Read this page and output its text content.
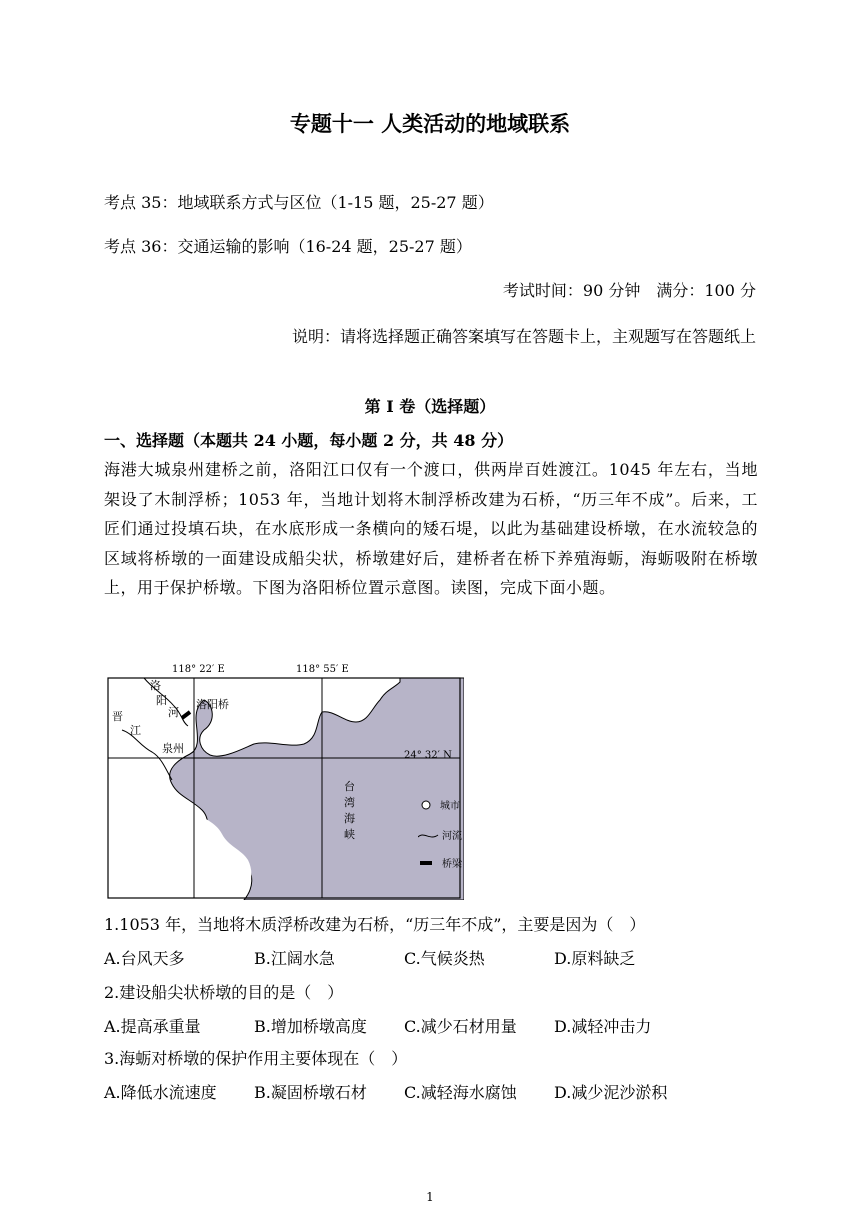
专题十一 人类活动的地域联系
考点 35：地域联系方式与区位（1-15 题，25-27 题）
考点 36：交通运输的影响（16-24 题，25-27 题）
考试时间：90 分钟　满分：100 分
说明：请将选择题正确答案填写在答题卡上，主观题写在答题纸上
第 I 卷（选择题）
一、选择题（本题共 24 小题，每小题 2 分，共 48 分）
海港大城泉州建桥之前，洛阳江口仅有一个渡口，供两岸百姓渡江。1045 年左右，当地架设了木制浮桥；1053 年，当地计划将木制浮桥改建为石桥，“历三年不成”。后来，工匠们通过投填石块，在水底形成一条横向的矮石堤，以此为基础建设桥墩，在水流较急的区域将桥墩的一面建设成船尖状，桥墩建好后，建桥者在桥下养殖海蛎，海蛎吸附在桥墩上，用于保护桥墩。下图为洛阳桥位置示意图。读图，完成下面小题。
118° 22′ E	118° 55′ E
24° 32′ N
洛
阳
河
洛阳桥
晋
江
泉州
台
湾
海
峡
城市
河流
桥梁
1.1053 年，当地将木质浮桥改建为石桥，“历三年不成”，主要是因为（　）
A.台风天多	B.江阔水急	C.气候炎热	D.原料缺乏
2.建设船尖状桥墩的目的是（　）
A.提高承重量	B.增加桥墩高度	C.减少石材用量	D.减轻冲击力
3.海蛎对桥墩的保护作用主要体现在（　）
A.降低水流速度	B.凝固桥墩石材	C.减轻海水腐蚀	D.减少泥沙淤积
1
